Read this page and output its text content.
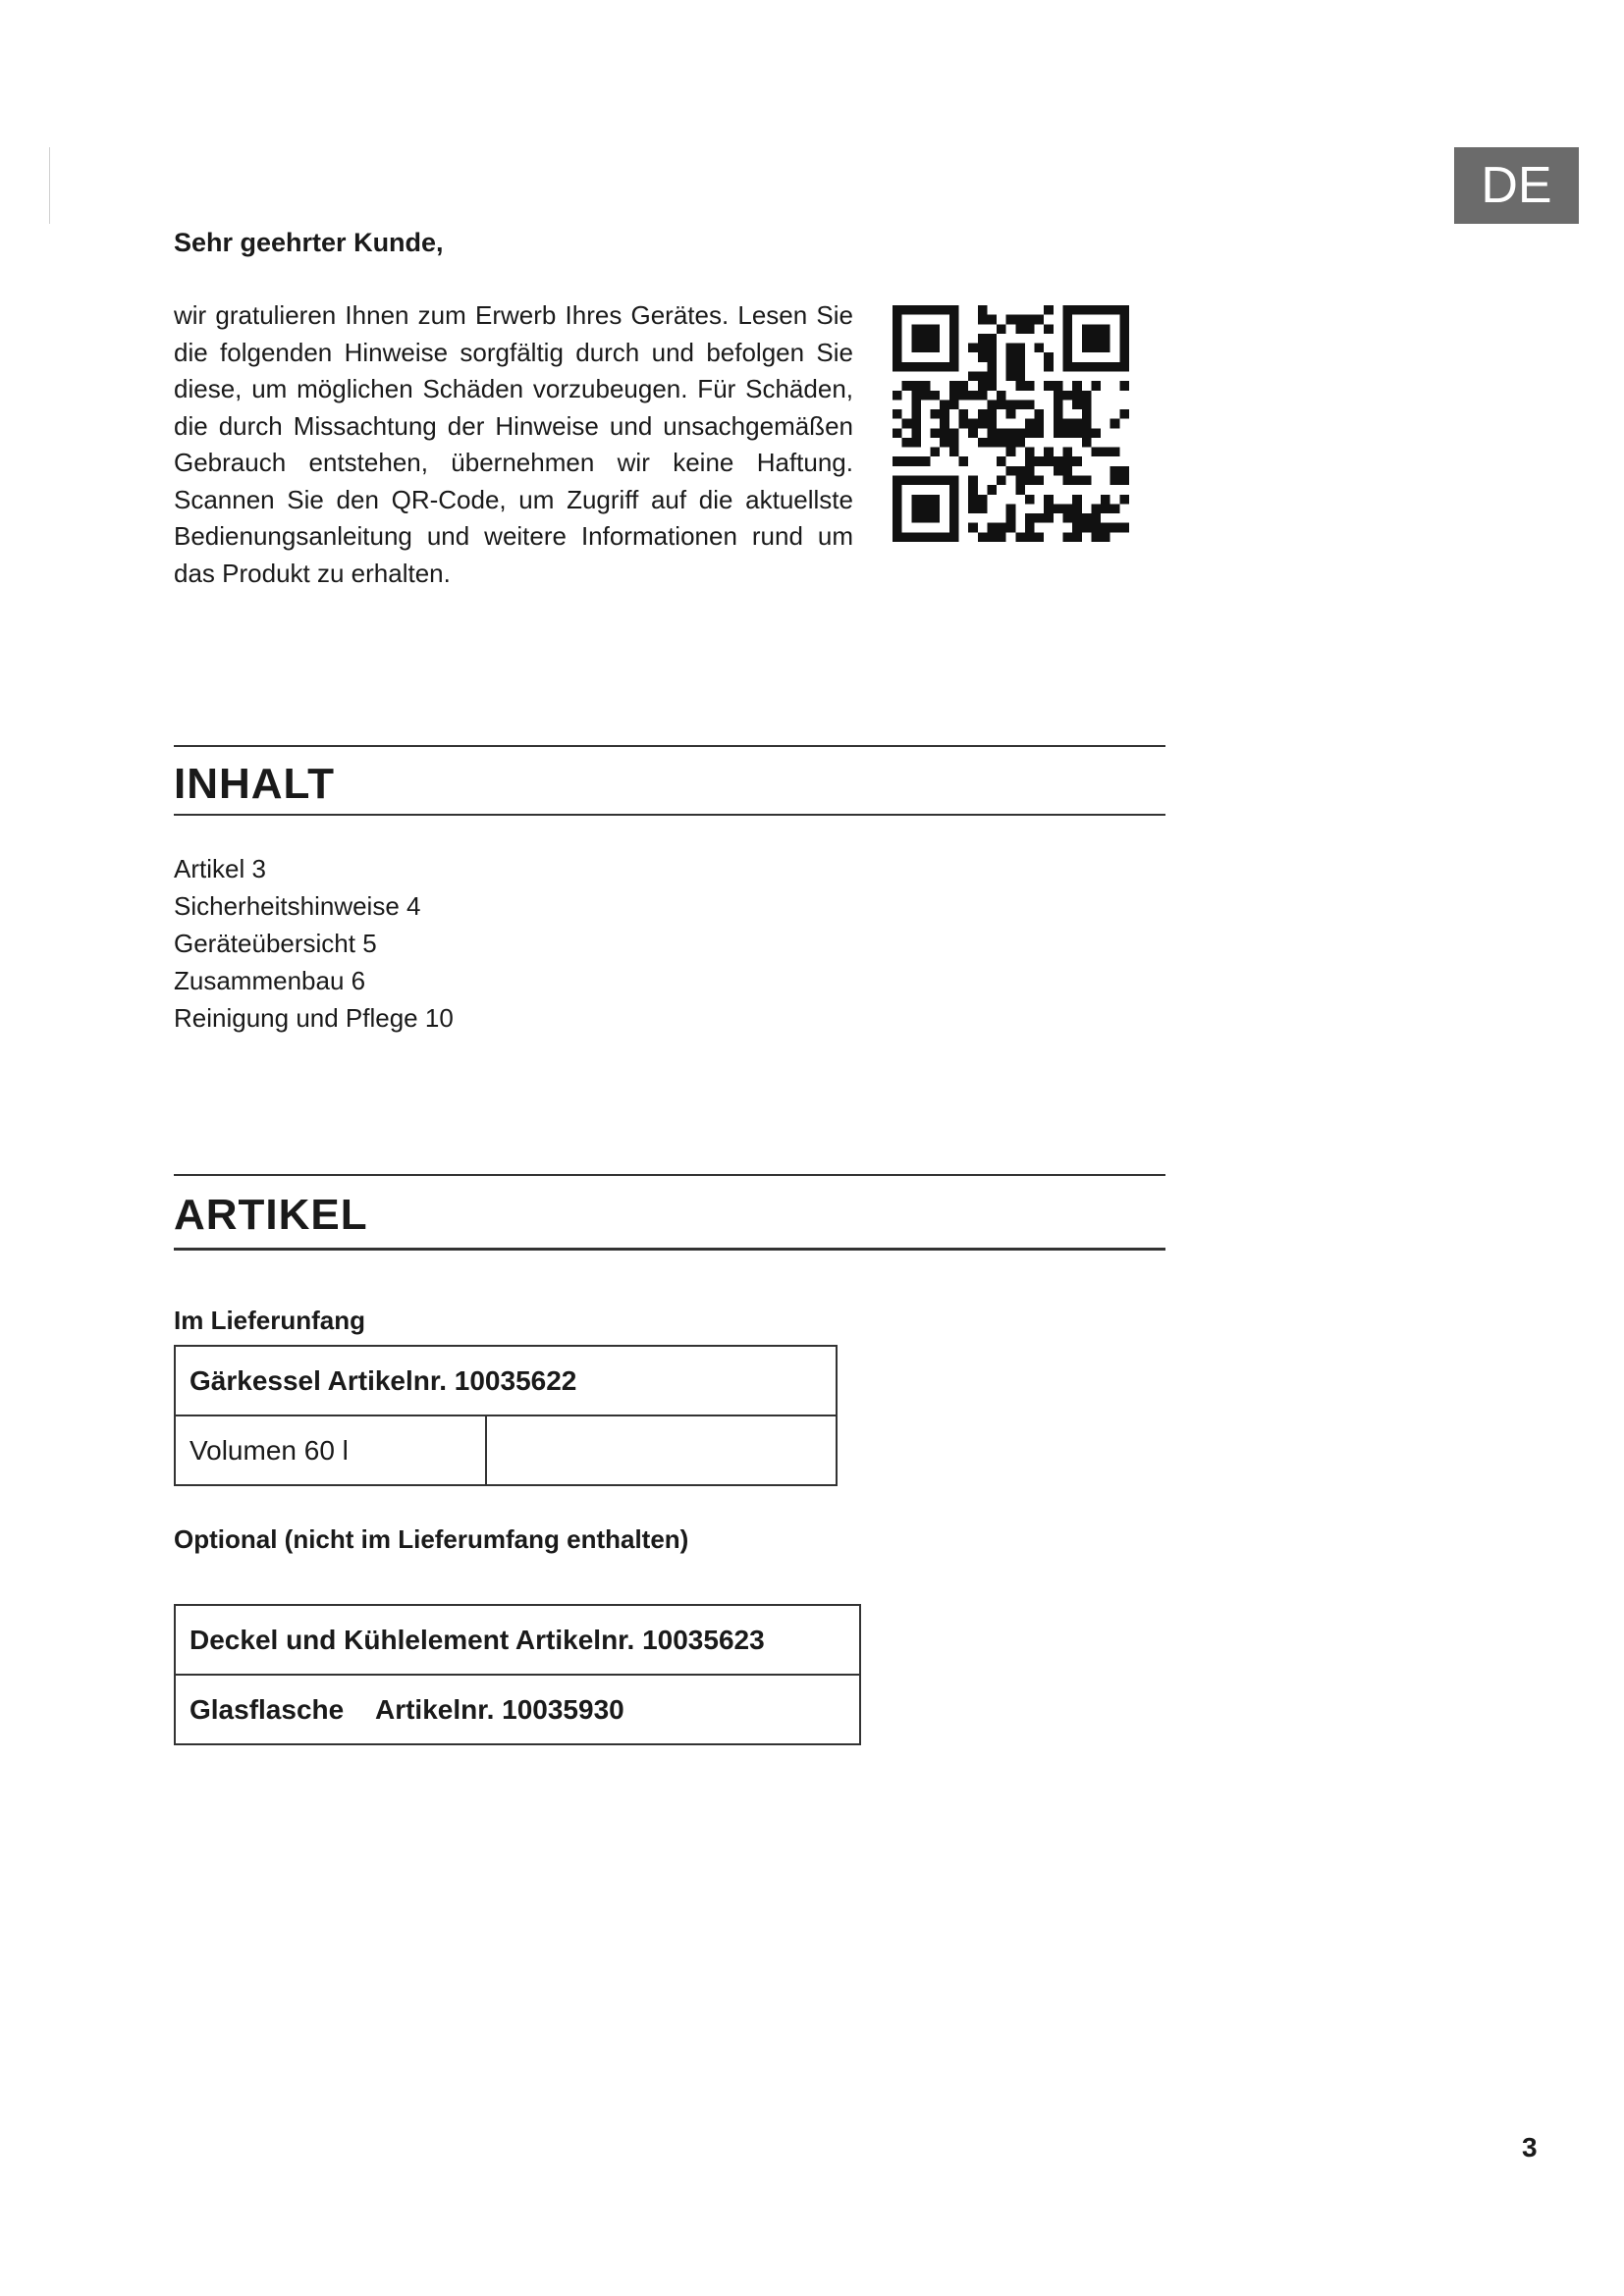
DE
Sehr geehrter Kunde,

wir gratulieren Ihnen zum Erwerb Ihres Gerätes. Lesen Sie die folgenden Hinweise sorgfältig durch und befolgen Sie diese, um möglichen Schäden vorzubeugen. Für Schäden, die durch Missachtung der Hinweise und unsachgemäßen Gebrauch entstehen, übernehmen wir keine Haftung. Scannen Sie den QR-Code, um Zugriff auf die aktuellste Bedienungsanleitung und weitere Informationen rund um das Produkt zu erhalten.

INHALT
Artikel 3
Sicherheitshinweise 4
Geräteübersicht 5
Zusammenbau 6
Reinigung und Pflege 10
ARTIKEL
Im Lieferunfang
Gärkessel Artikelnr. 10035622
Volumen 60 l	
Optional (nicht im Lieferumfang enthalten)
Deckel und Kühlelement Artikelnr. 10035623
Glasflasche Artikelnr. 10035930
3
